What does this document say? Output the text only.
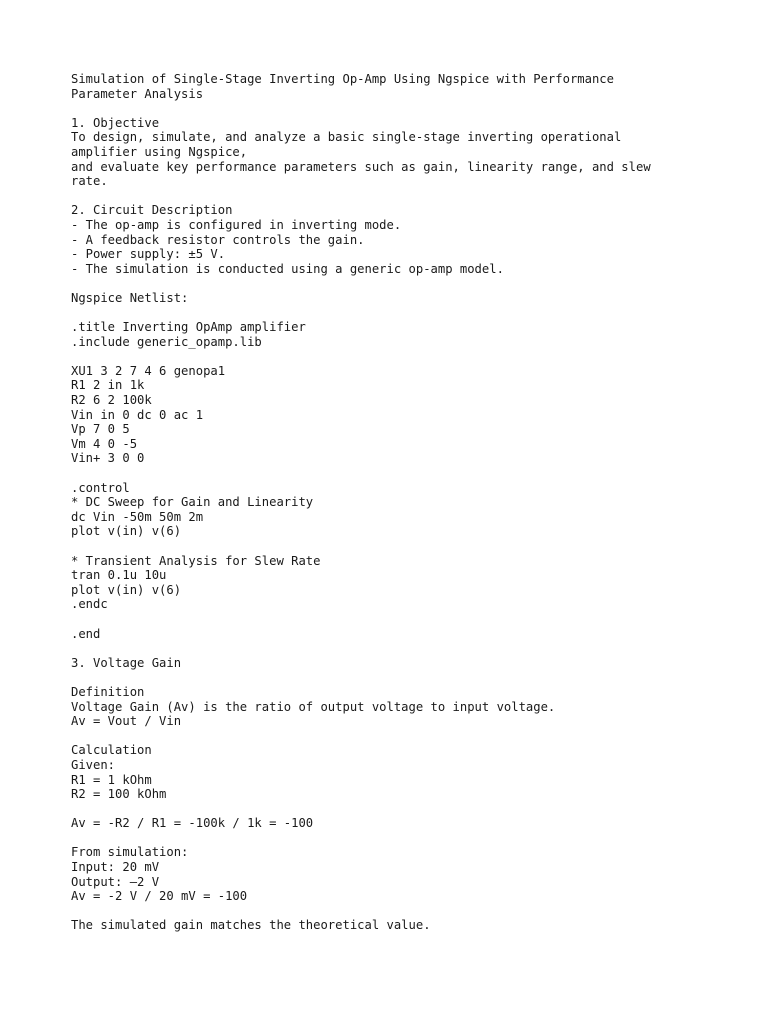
Simulation of Single-Stage Inverting Op-Amp Using Ngspice with Performance
Parameter Analysis
1. Objective
To design, simulate, and analyze a basic single-stage inverting operational
amplifier using Ngspice,
and evaluate key performance parameters such as gain, linearity range, and slew
rate.
2. Circuit Description
- The op-amp is configured in inverting mode.
- A feedback resistor controls the gain.
- Power supply: ±5 V.
- The simulation is conducted using a generic op-amp model.
Ngspice Netlist:
.title Inverting OpAmp amplifier
.include generic_opamp.lib
XU1 3 2 7 4 6 genopa1
R1 2 in 1k
R2 6 2 100k
Vin in 0 dc 0 ac 1
Vp 7 0 5
Vm 4 0 -5
Vin+ 3 0 0
.control
* DC Sweep for Gain and Linearity
dc Vin -50m 50m 2m
plot v(in) v(6)
* Transient Analysis for Slew Rate
tran 0.1u 10u
plot v(in) v(6)
.endc
.end
3. Voltage Gain
Definition
Voltage Gain (Av) is the ratio of output voltage to input voltage.
Av = Vout / Vin
Calculation
Given:
R1 = 1 kOhm
R2 = 100 kOhm
Av = -R2 / R1 = -100k / 1k = -100
From simulation:
Input: 20 mV
Output: –2 V
Av = -2 V / 20 mV = -100
The simulated gain matches the theoretical value.
